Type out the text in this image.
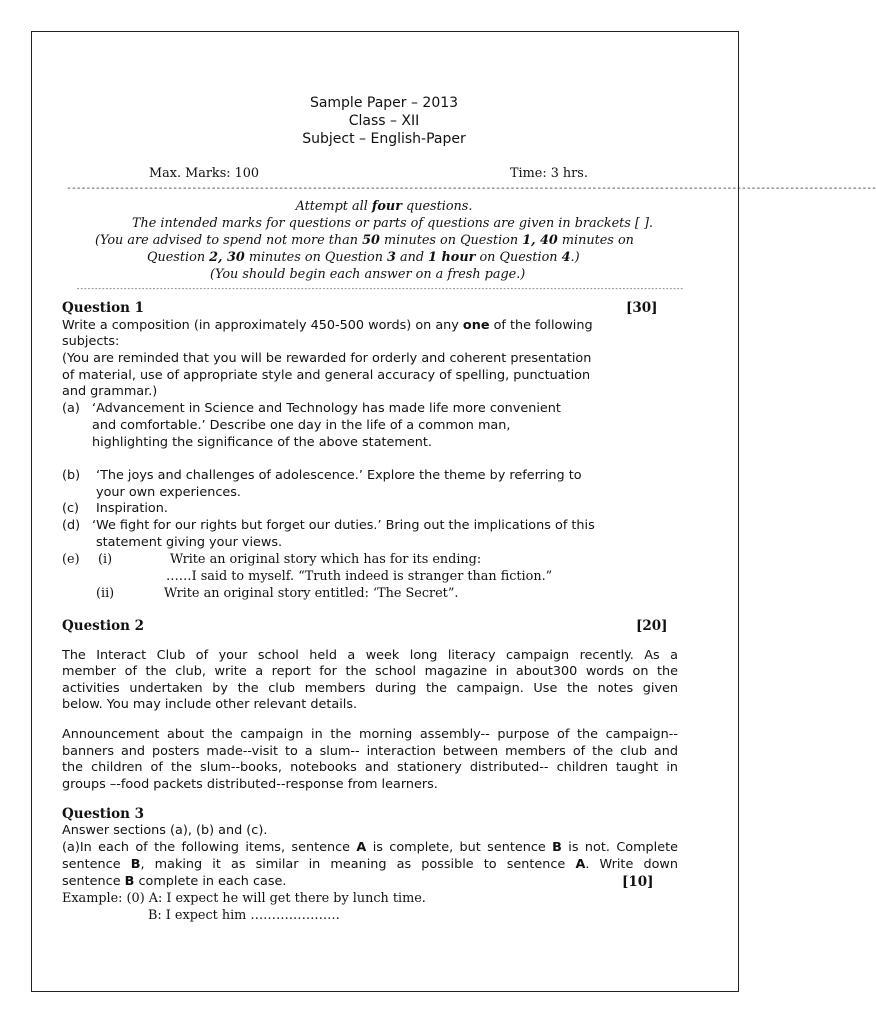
Sample Paper – 2013
Class – XII
Subject – English-Paper
Max. Marks: 100	Time: 3 hrs.
------------------------------------------------------------------------------------------------------------------------------------------------------------------------
Attempt all four questions.
The intended marks for questions or parts of questions are given in brackets [ ].
(You are advised to spend not more than 50 minutes on Question 1, 40 minutes on
Question 2, 30 minutes on Question 3 and 1 hour on Question 4.)
(You should begin each answer on a fresh page.)
------------------------------------------------------------------------------------------------------------------------------------------------------------------------
Question 1	[30]
Write a composition (in approximately 450-500 words) on any one of the following
subjects:
(You are reminded that you will be rewarded for orderly and coherent presentation
of material, use of appropriate style and general accuracy of spelling, punctuation
and grammar.)
(a) ‘Advancement in Science and Technology has made life more convenient
and comfortable.’ Describe one day in the life of a common man,
highlighting the significance of the above statement.
(b) ‘The joys and challenges of adolescence.’ Explore the theme by referring to
your own experiences.
(c) Inspiration.
(d) ‘We fight for our rights but forget our duties.’ Bring out the implications of this
statement giving your views.
(e) (i)	Write an original story which has for its ending:
……I said to myself. “Truth indeed is stranger than fiction.”
(ii)	Write an original story entitled: ‘The Secret”.
Question 2	[20]
The Interact Club of your school held a week long literacy campaign recently. As a
member of the club, write a report for the school magazine in about300 words on the
activities undertaken by the club members during the campaign. Use the notes given
below. You may include other relevant details.
Announcement about the campaign in the morning assembly-- purpose of the campaign--
banners and posters made--visit to a slum-- interaction between members of the club and
the children of the slum--books, notebooks and stationery distributed-- children taught in
groups –-food packets distributed--response from learners.
Question 3
Answer sections (a), (b) and (c).
(a)In each of the following items, sentence A is complete, but sentence B is not. Complete
sentence B, making it as similar in meaning as possible to sentence A. Write down
sentence B complete in each case.	[10]
Example: (0) A: I expect he will get there by lunch time.
B: I expect him …………………
